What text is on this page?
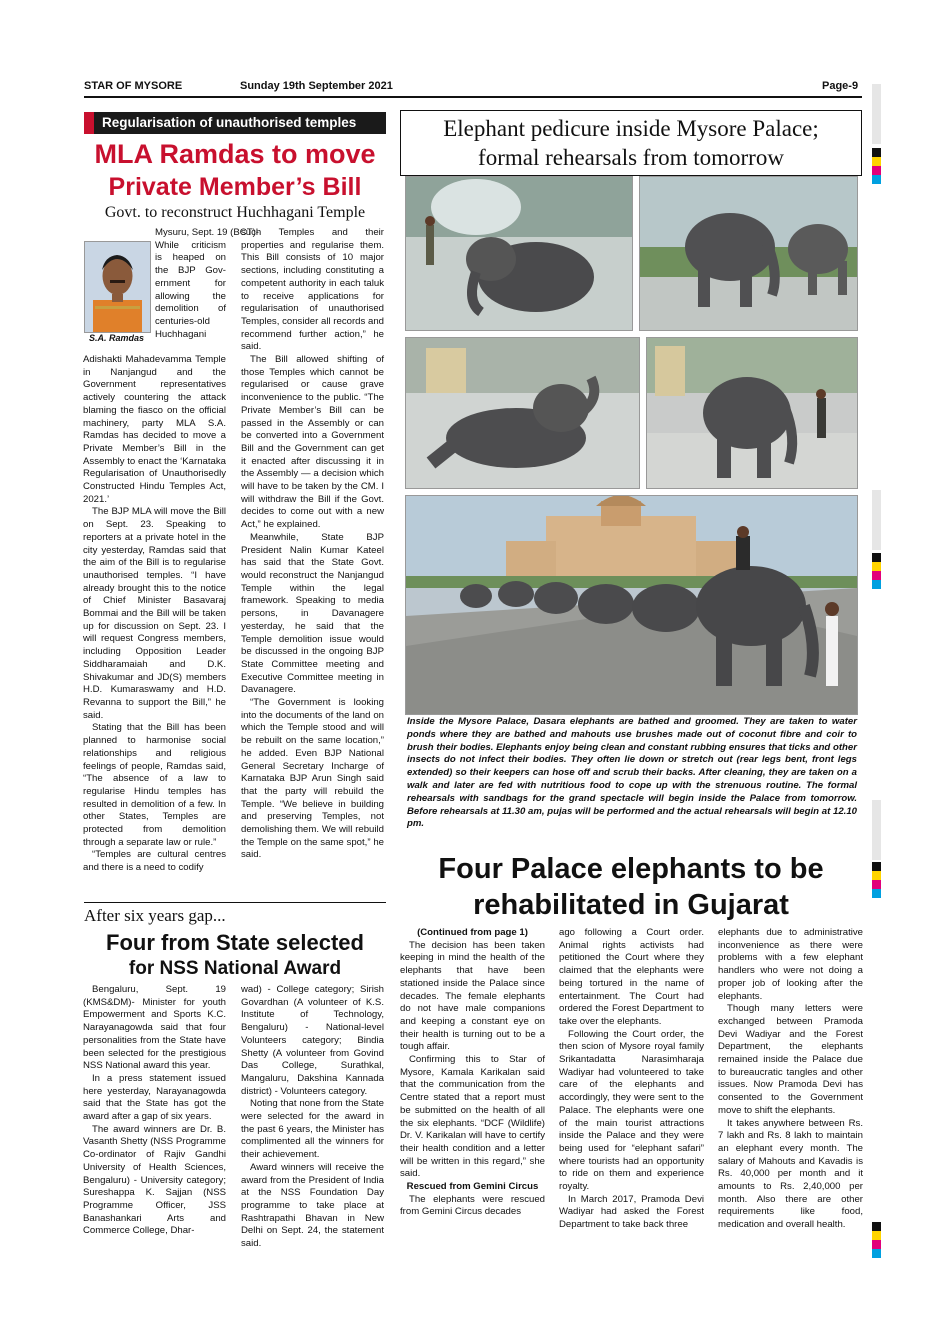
STAR OF MYSORE	Sunday 19th September 2021	Page-9
Regularisation of unauthorised temples
MLA Ramdas to move
Private Member’s Bill
Govt. to reconstruct Huchhagani Temple
S.A. Ramdas
Mysuru, Sept. 19 (BCT)-
While criticism
is heaped on
the BJP Gov-
ernment for
allowing the
demolition of
centuries-old
Huchhagani

Adishakti Mahadevamma Temple in Nanjangud and the Government representatives actively countering the attack blaming the fiasco on the official machinery, party MLA S.A. Ramdas has decided to move a Private Member’s Bill in the Assembly to enact the ‘Karnataka Regularisation of Unauthorisedly Constructed Hindu Temples Act, 2021.’

The BJP MLA will move the Bill on Sept. 23. Speaking to reporters at a private hotel in the city yesterday, Ramdas said that the aim of the Bill is to regularise unauthorised temples. “I have already brought this to the notice of Chief Minister Basavaraj Bommai and the Bill will be taken up for discussion on Sept. 23. I will request Congress members, including Opposition Leader Siddharamaiah and D.K. Shivakumar and JD(S) members H.D. Kumaraswamy and H.D. Revanna to support the Bill,” he said.

Stating that the Bill has been planned to harmonise social relationships and religious feelings of people, Ramdas said, “The absence of a law to regularise Hindu temples has resulted in demolition of a few. In other States, Temples are protected from demolition through a separate law or rule.”

“Temples are cultural centres and there is a need to codify

such Temples and their properties and regularise them. This Bill consists of 10 major sections, including constituting a competent authority in each taluk to receive applications for regularisation of unauthorised Temples, consider all records and recommend further action,” he said.

The Bill allowed shifting of those Temples which cannot be regularised or cause grave inconvenience to the public. “The Private Member’s Bill can be passed in the Assembly or can be converted into a Government Bill and the Government can get it enacted after discussing it in the Assembly — a decision which will have to be taken by the CM. I will withdraw the Bill if the Govt. decides to come out with a new Act,” he explained.

Meanwhile, State BJP President Nalin Kumar Kateel has said that the State Govt. would reconstruct the Nanjangud Temple within the legal framework. Speaking to media persons, in Davanagere yesterday, he said that the Temple demolition issue would be discussed in the ongoing BJP State Committee meeting and Executive Committee meeting in Davanagere.

“The Government is looking into the documents of the land on which the Temple stood and will be rebuilt on the same location,” he added. Even BJP National General Secretary Incharge of Karnataka BJP Arun Singh said that the party will rebuild the Temple. “We believe in building and preserving Temples, not demolishing them. We will rebuild the Temple on the same spot,” he said.

Elephant pedicure inside Mysore Palace;
formal rehearsals from tomorrow
Inside the Mysore Palace, Dasara elephants are bathed and groomed. They are taken to water ponds where they are bathed and mahouts use brushes made out of coconut fibre and coir to brush their bodies. Elephants enjoy being clean and constant rubbing ensures that ticks and other insects do not infect their bodies. They often lie down or stretch out (rear legs bent, front legs extended) so their keepers can hose off and scrub their backs. After cleaning, they are taken on a walk and later are fed with nutritious food to cope up with the strenuous routine. The formal rehearsals with sandbags for the grand spectacle will begin inside the Palace from tomorrow. Before rehearsals at 11.30 am, pujas will be performed and the actual rehearsals will begin at 12.10 pm.
After six years gap...
Four from State selected
for NSS National Award

Bengaluru, Sept. 19 (KMS&DM)- Minister for youth Empowerment and Sports K.C. Narayanagowda said that four personalities from the State have been selected for the prestigious NSS National award this year.

In a press statement issued here yesterday, Narayanagowda said that the State has got the award after a gap of six years.

The award winners are Dr. B. Vasanth Shetty (NSS Programme Co-ordinator of Rajiv Gandhi University of Health Sciences, Bengaluru) - University category; Sureshappa K. Sajjan (NSS Programme Officer, JSS Banashankari Arts and Commerce College, Dhar-

wad) - College category; Sirish Govardhan (A volunteer of K.S. Institute of Technology, Bengaluru) - National-level Volunteers category; Bindia Shetty (A volunteer from Govind Das College, Surathkal, Mangaluru, Dakshina Kannada district) - Volunteers category.

Noting that none from the State were selected for the award in the past 6 years, the Minister has complimented all the winners for their achievement.

Award winners will receive the award from the President of India at the NSS Foundation Day programme to take place at Rashtrapathi Bhavan in New Delhi on Sept. 24, the statement said.

Four Palace elephants to be
rehabilitated in Gujarat
(Continued from page 1)

The decision has been taken keeping in mind the health of the elephants that have been stationed inside the Palace since decades. The female elephants do not have male companions and keeping a constant eye on their health is turning out to be a tough affair.

Confirming this to Star of Mysore, Kamala Karikalan said that the communication from the Centre stated that a report must be submitted on the health of all the six elephants. “DCF (Wildlife) Dr. V. Karikalan will have to certify their health condition and a letter will be written in this regard,” she said.

Rescued from Gemini Circus

The elephants were rescued from Gemini Circus decades

ago following a Court order. Animal rights activists had petitioned the Court where they claimed that the elephants were being tortured in the name of entertainment. The Court had ordered the Forest Department to take over the elephants.

Following the Court order, the then scion of Mysore royal family Srikantadatta Narasimharaja Wadiyar had volunteered to take care of the elephants and accordingly, they were sent to the Palace. The elephants were one of the main tourist attractions inside the Palace and they were being used for “elephant safari” where tourists had an opportunity to ride on them and experience royalty.

In March 2017, Pramoda Devi Wadiyar had asked the Forest Department to take back three

elephants due to administrative inconvenience as there were problems with a few elephant handlers who were not doing a proper job of looking after the elephants.

Though many letters were exchanged between Pramoda Devi Wadiyar and the Forest Department, the elephants remained inside the Palace due to bureaucratic tangles and other issues. Now Pramoda Devi has consented to the Government move to shift the elephants.

It takes anywhere between Rs. 7 lakh and Rs. 8 lakh to maintain an elephant every month. The salary of Mahouts and Kavadis is Rs. 40,000 per month and it amounts to Rs. 2,40,000 per month. Also there are other requirements like food, medication and overall health.
